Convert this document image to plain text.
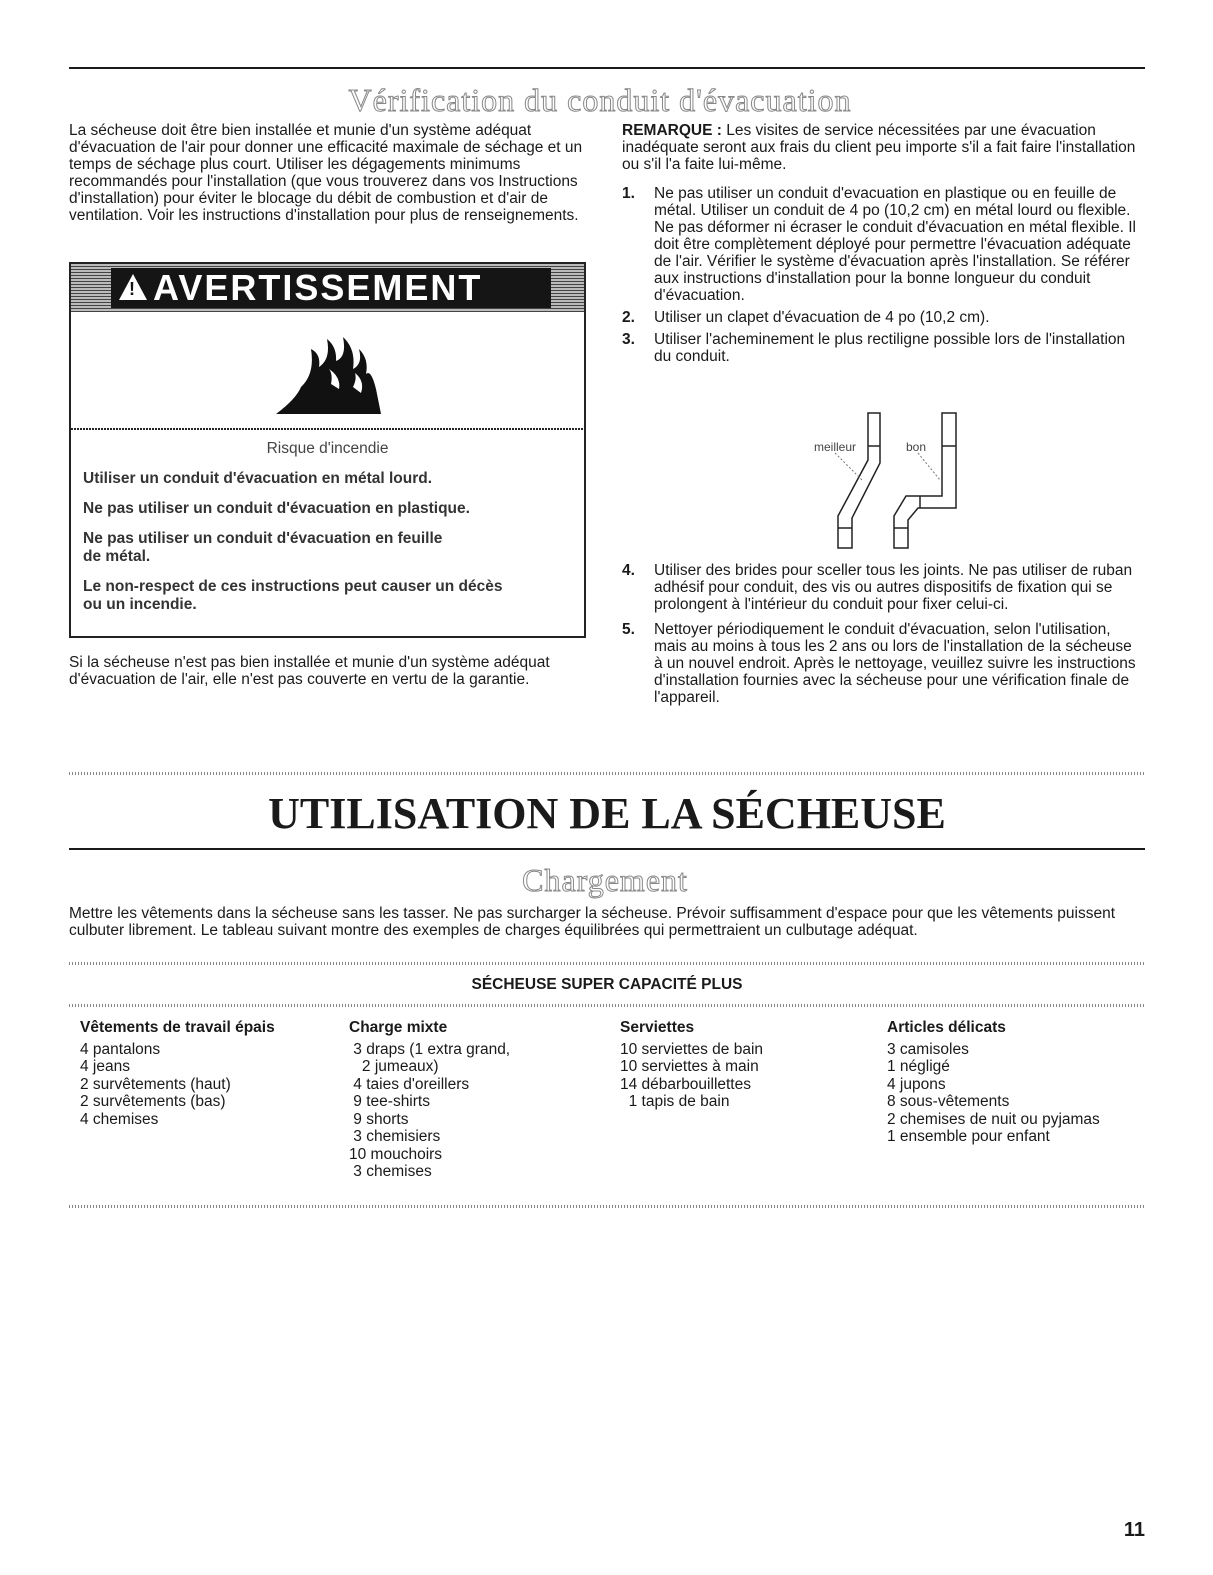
Vérification du conduit d'évacuation
La sécheuse doit être bien installée et munie d'un système adéquat d'évacuation de l'air pour donner une efficacité maximale de séchage et un temps de séchage plus court. Utiliser les dégagements minimums recommandés pour l'installation (que vous trouverez dans vos Instructions d'installation) pour éviter le blocage du débit de combustion et d'air de ventilation. Voir les instructions d'installation pour plus de renseignements.
! AVERTISSEMENT

Risque d'incendie

Utiliser un conduit d'évacuation en métal lourd.

Ne pas utiliser un conduit d'évacuation en plastique.

Ne pas utiliser un conduit d'évacuation en feuille de métal.

Le non-respect de ces instructions peut causer un décès ou un incendie.

Si la sécheuse n'est pas bien installée et munie d'un système adéquat d'évacuation de l'air, elle n'est pas couverte en vertu de la garantie.
REMARQUE : Les visites de service nécessitées par une évacuation inadéquate seront aux frais du client peu importe s'il a fait faire l'installation ou s'il l'a faite lui-même.
1. Ne pas utiliser un conduit d'evacuation en plastique ou en feuille de métal. Utiliser un conduit de 4 po (10,2 cm) en métal lourd ou flexible. Ne pas déformer ni écraser le conduit d'évacuation en métal flexible. Il doit être complètement déployé pour permettre l'évacuation adéquate de l'air. Vérifier le système d'évacuation après l'installation. Se référer aux instructions d'installation pour la bonne longueur du conduit d'évacuation.
2. Utiliser un clapet d'évacuation de 4 po (10,2 cm).
3. Utiliser l'acheminement le plus rectiligne possible lors de l'installation du conduit.
meilleur	bon
4. Utiliser des brides pour sceller tous les joints. Ne pas utiliser de ruban adhésif pour conduit, des vis ou autres dispositifs de fixation qui se prolongent à l'intérieur du conduit pour fixer celui-ci.
5. Nettoyer périodiquement le conduit d'évacuation, selon l'utilisation, mais au moins à tous les 2 ans ou lors de l'installation de la sécheuse à un nouvel endroit. Après le nettoyage, veuillez suivre les instructions d'installation fournies avec la sécheuse pour une vérification finale de l'appareil.
UTILISATION DE LA SÉCHEUSE
Chargement
Mettre les vêtements dans la sécheuse sans les tasser. Ne pas surcharger la sécheuse. Prévoir suffisamment d'espace pour que les vêtements puissent culbuter librement. Le tableau suivant montre des exemples de charges équilibrées qui permettraient un culbutage adéquat.
SÉCHEUSE SUPER CAPACITÉ PLUS
Vêtements de travail épais
4 pantalons
4 jeans
2 survêtements (haut)
2 survêtements (bas)
4 chemises
Charge mixte
3 draps (1 extra grand,
2 jumeaux)
4 taies d'oreillers
9 tee-shirts
9 shorts
3 chemisiers
10 mouchoirs
3 chemises
Serviettes
10 serviettes de bain
10 serviettes à main
14 débarbouillettes
1 tapis de bain
Articles délicats
3 camisoles
1 négligé
4 jupons
8 sous-vêtements
2 chemises de nuit ou pyjamas
1 ensemble pour enfant
11
